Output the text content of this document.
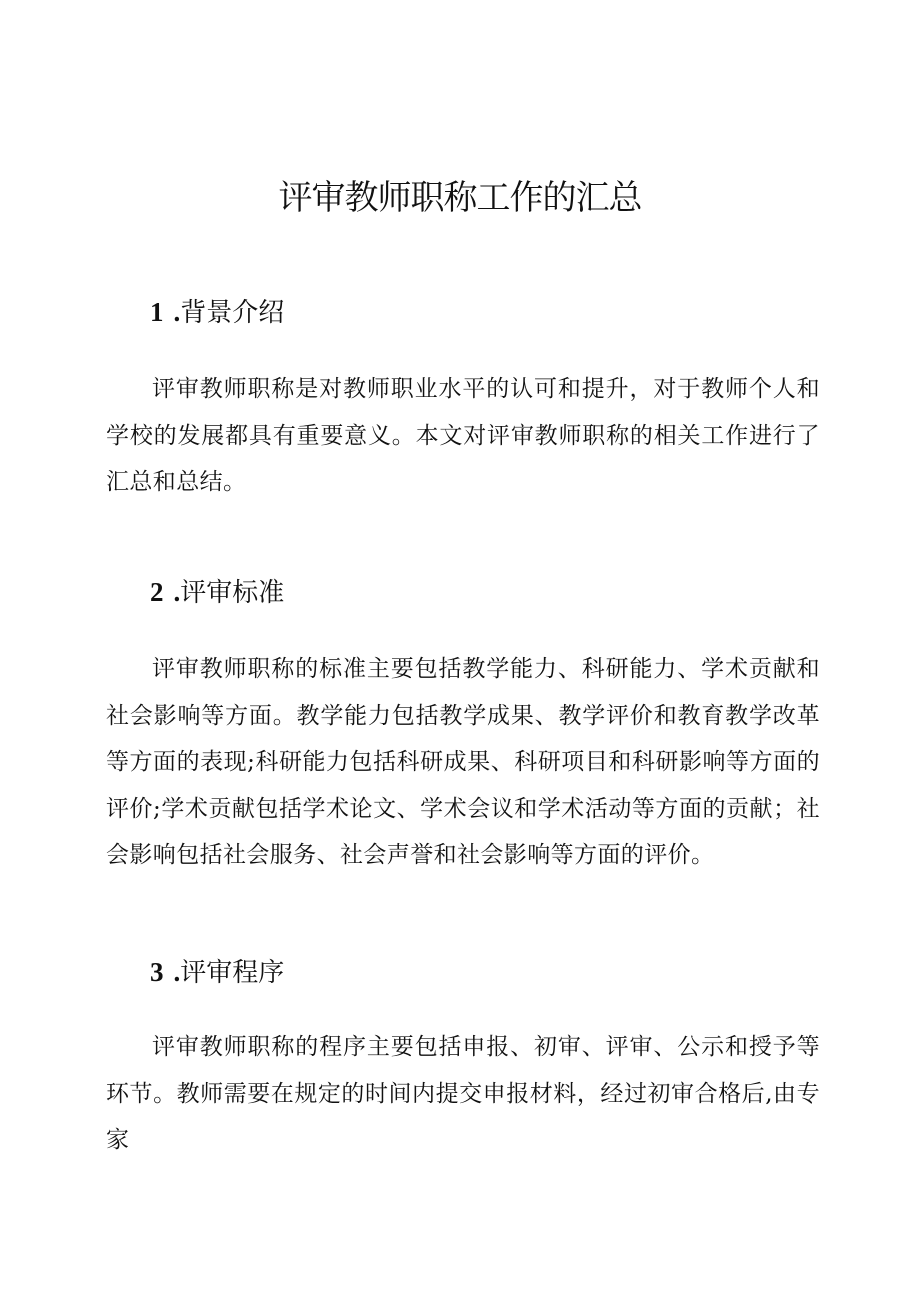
评审教师职称工作的汇总
1 .背景介绍

评审教师职称是对教师职业水平的认可和提升，对于教师个人和学校的发展都具有重要意义。本文对评审教师职称的相关工作进行了汇总和总结。

2 .评审标准

评审教师职称的标准主要包括教学能力、科研能力、学术贡献和社会影响等方面。教学能力包括教学成果、教学评价和教育教学改革等方面的表现;科研能力包括科研成果、科研项目和科研影响等方面的评价;学术贡献包括学术论文、学术会议和学术活动等方面的贡献；社会影响包括社会服务、社会声誉和社会影响等方面的评价。

3 .评审程序

评审教师职称的程序主要包括申报、初审、评审、公示和授予等环节。教师需要在规定的时间内提交申报材料，经过初审合格后,由专家
